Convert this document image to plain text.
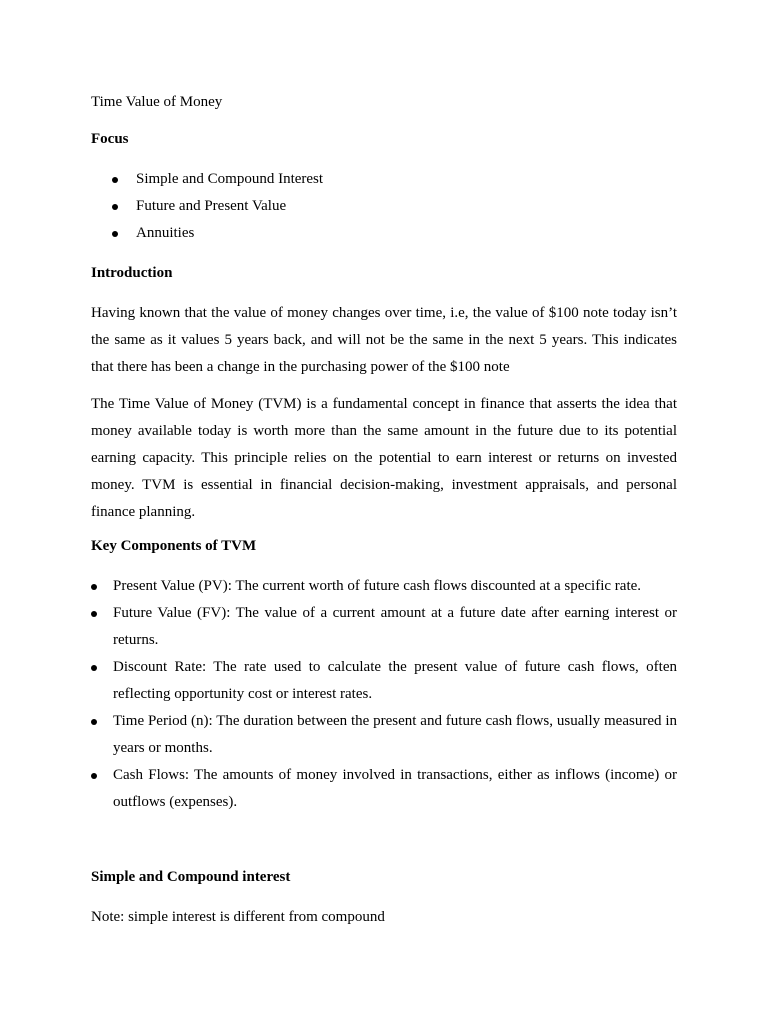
Time Value of Money

Focus

Simple and Compound Interest
Future and Present Value
Annuities

Introduction

Having known that the value of money changes over time, i.e, the value of $100 note today isn’t the same as it values 5 years back, and will not be the same in the next 5 years. This indicates that there has been a change in the purchasing power of the $100 note

The Time Value of Money (TVM) is a fundamental concept in finance that asserts the idea that money available today is worth more than the same amount in the future due to its potential earning capacity. This principle relies on the potential to earn interest or returns on invested money. TVM is essential in financial decision-making, investment appraisals, and personal finance planning.

Key Components of TVM

Present Value (PV): The current worth of future cash flows discounted at a specific rate.
Future Value (FV): The value of a current amount at a future date after earning interest or returns.
Discount Rate: The rate used to calculate the present value of future cash flows, often reflecting opportunity cost or interest rates.
Time Period (n): The duration between the present and future cash flows, usually measured in years or months.
Cash Flows: The amounts of money involved in transactions, either as inflows (income) or outflows (expenses).

Simple and Compound interest

Note: simple interest is different from compound
